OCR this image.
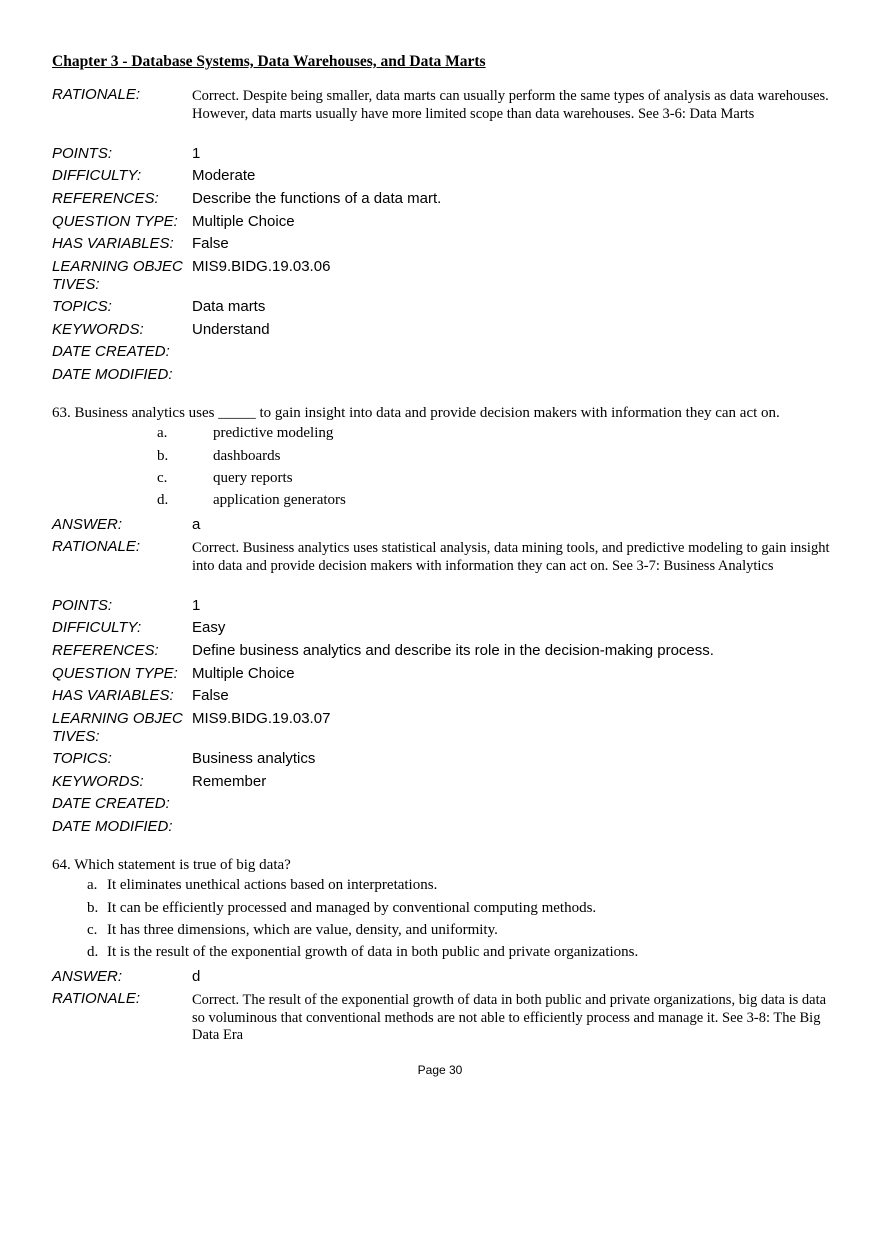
Chapter 3 - Database Systems, Data Warehouses, and Data Marts
RATIONALE:	Correct. Despite being smaller, data marts can usually perform the same types of analysis as data warehouses. However, data marts usually have more limited scope than data warehouses. See 3-6: Data Marts
POINTS:	1
DIFFICULTY:	Moderate
REFERENCES:	Describe the functions of a data mart.
QUESTION TYPE: Multiple Choice
HAS VARIABLES:	False
LEARNING OBJECTIVES:
MIS9.BIDG.19.03.06
TOPICS:	Data marts
KEYWORDS:	Understand
DATE CREATED:
DATE MODIFIED:
63. Business analytics uses _____ to gain insight into data and provide decision makers with information they can act on.
a.	predictive modeling
b.	dashboards
c.	query reports
d.	application generators
ANSWER:	a
RATIONALE:	Correct. Business analytics uses statistical analysis, data mining tools, and predictive modeling to gain insight into data and provide decision makers with information they can act on. See 3-7: Business Analytics
POINTS:	1
DIFFICULTY:	Easy
REFERENCES:	Define business analytics and describe its role in the decision-making process.
QUESTION TYPE: Multiple Choice
HAS VARIABLES:	False
LEARNING OBJECTIVES:
MIS9.BIDG.19.03.07
TOPICS:	Business analytics
KEYWORDS:	Remember
DATE CREATED:
DATE MODIFIED:
64. Which statement is true of big data?
a. It eliminates unethical actions based on interpretations.
b. It can be efficiently processed and managed by conventional computing methods.
c. It has three dimensions, which are value, density, and uniformity.
d. It is the result of the exponential growth of data in both public and private organizations.
ANSWER:	d
RATIONALE:	Correct. The result of the exponential growth of data in both public and private organizations, big data is data so voluminous that conventional methods are not able to efficiently process and manage it. See 3-8: The Big Data Era
Page 30
